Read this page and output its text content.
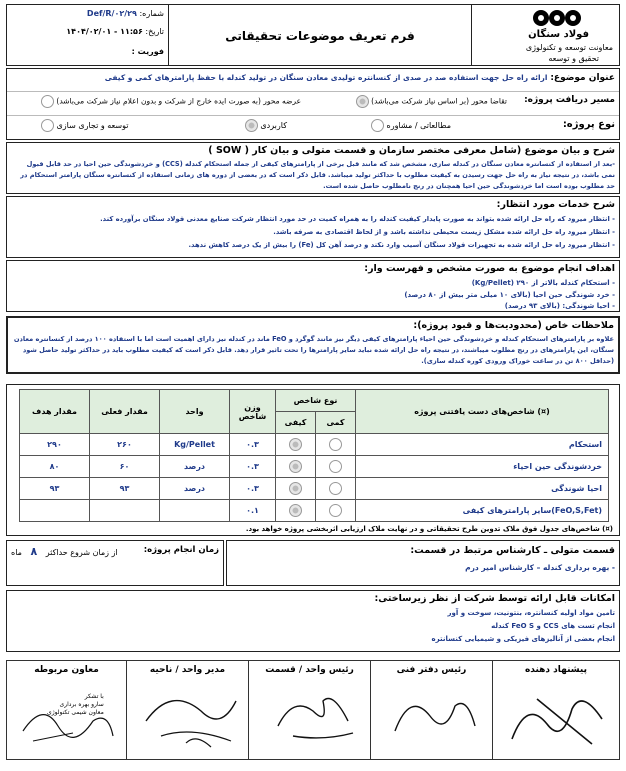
شماره: Def/R/۰۲/۲۹
تاریخ: ۱۱:۵۶ - ۱۴۰۴/۰۲/۰۱
فوریت :
فرم تعریف موضوعات تحقیقاتی	فولاد سنگان
معاونت توسعه و تکنولوژی
تحقیق و توسعه
عنوان موضوع: ارائه راه حل جهت استفاده صد در صدی از کنسانتره تولیدی معادن سنگان در تولید کندله با حفظ پارامترهای کمی و کیفی
مسیر دریافت پروژه:
تقاضا محور (بر اساس نیاز شرکت می‌باشد)
عرضه محور (به صورت ایده خارج از شرکت و بدون اعلام نیاز شرکت می‌باشد)
نوع پروژه:
مطالعاتی / مشاوره
کاربردی
توسعه و تجاری سازی
شرح و بیان موضوع (شامل معرفی مختصر سازمان و قسمت متولی و بیان کار ( SOW )
-بعد از استفاده از کنسانتره معادن سنگان در کندله سازی، مشخص شد که مانند قبل برخی از پارامترهای کیفی از جمله استحکام کندله (CCS) و خردشوندگی حین احیا در حد قابل قبول نمی باشد، در نتیجه نیاز به راه حل جهت رسیدن به کیفیت مطلوب با حداکثر تولید میباشد. قابل ذکر است که در بعضی از دوره های زمانی استفاده از کنسانتره سنگان پارامتر استحکام در حد مطلوب بوده است اما خردشوندگی حین احیا همچنان در رنج نامطلوب حاصل شده است.
شرح خدمات مورد انتظار:
- انتظار میرود که راه حل ارائه شده بتواند به صورت پایدار کیفیت کندله را به همراه کمیت در حد مورد انتظار شرکت صنایع معدنی فولاد سنگان برآورده کند.
- انتظار میرود راه حل ارائه شده مشکل زیست محیطی نداشته باشد و از لحاظ اقتصادی به صرفه باشد.
- انتظار میرود راه حل ارائه شده به تجهیزات فولاد سنگان آسیب وارد نکند و درصد آهن کل (Fe) را بیش از یک درصد کاهش ندهد.
اهداف انجام موضوع به صورت مشخص و فهرست وار:
- استحکام کندله بالاتر از ۲۹۰ (Kg/Pellet)
- خرد شوندگی حین احیا (بالای ۱۰ میلی متر بیش از ۸۰ درصد)
- احیا شوندگی: (بالای ۹۳ درصد)
ملاحظات خاص (محدودیت‌ها و قیود پروژه):
علاوه بر پارامترهای استحکام کندله و خردشوندگی حین احیاء پارامترهای کیفی دیگر نیز مانند گوگرد و FeO ماند در کندله نیز دارای اهمیت است اما با استفاده ۱۰۰ درصد از کنسانتره معادن سنگان، این پارامترهای در رنج مطلوب میباشند، در نتیجه راه حل ارائه شده نباید سایر پارامترها را تحت تاثیر قرار دهد. قابل ذکر است که کیفیت مطلوب باید در حداکثر تولید حاصل شود (حداقل ۸۰۰ تن در ساعت خوراک ورودی کوره کندله سازی).
مقدار هدف	مقدار فعلی	واحد	وزن شاخص	نوع شاخص		شاخص‌های دست یافتنی پروژه (¤)
				کیفی	کمی	
۲۹۰	۲۶۰	Kg/Pellet	۰.۳			استحکام
۸۰	۶۰	درصد	۰.۳			خردشوندگی حین احیاء
۹۳	۹۳	درصد	۰.۳			احیا شوندگی
			۰.۱			سایر پارامترهای کیفی(FeO,S,Fet)
(¤) شاخص‌های جدول فوق ملاک تدوین طرح تحقیقاتی و در نهایت ملاک ارزیابی اثربخشی پروژه خواهد بود.
قسمت متولی ـ کارشناس مرتبط در قسمت:
- بهره برداری کندله – کارشناس امیر درم
زمان انجام پروژه:
از زمان شروع حداکثر ۸ ماه
امکانات قابل ارائه توسط شرکت از نظر زیرساختی:
تامین مواد اولیه کنسانتره، بنتونیت، سوخت و آور
انجام تست های CCS و FeO S کندله
انجام بعضی از آنالیزهای فیزیکی و شیمیایی کنسانتره
معاون مربوطه
با تشکر
سارو بهره برداری
معاون شیمی تکنولوژی
مدیر واحد / ناحیه	رئیس واحد / قسمت	رئیس دفتر فنی	پیشنهاد دهنده
